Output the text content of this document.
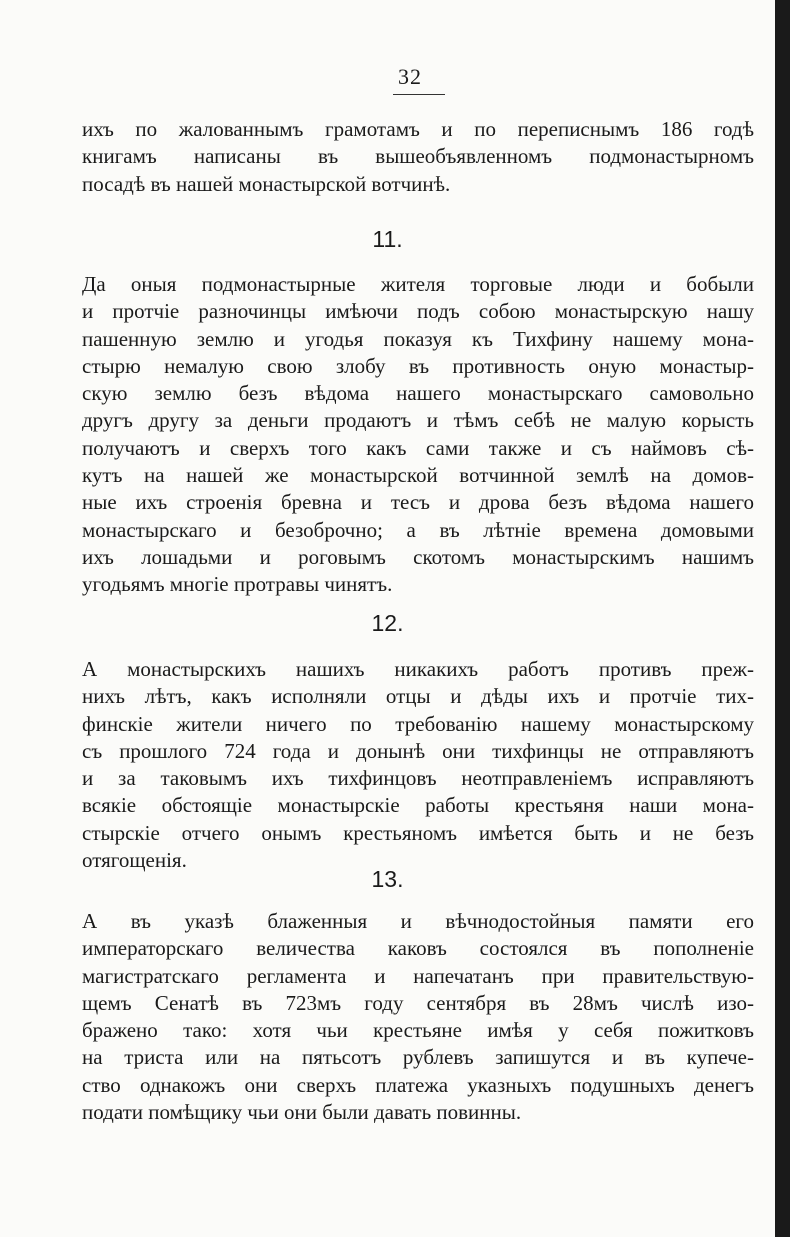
32
ихъ по жалованнымъ грамотамъ и по переписнымъ 186 годѣ
книгамъ написаны въ вышеобъявленномъ подмонастырномъ
посадѣ въ нашей монастырской вотчинѣ.
11.
Да оныя подмонастырные жителя торговые люди и бобыли
и протчіе разночинцы имѣючи подъ собою монастырскую нашу
пашенную землю и угодья показуя къ Тихфину нашему мона-
стырю немалую свою злобу въ противность оную монастыр-
скую землю безъ вѣдома нашего монастырскаго самовольно
другъ другу за деньги продаютъ и тѣмъ себѣ не малую корысть
получаютъ и сверхъ того какъ сами также и съ наймовъ сѣ-
кутъ на нашей же монастырской вотчинной землѣ на домов-
ные ихъ строенія бревна и тесъ и дрова безъ вѣдома нашего
монастырскаго и безоброчно; а въ лѣтніе времена домовыми
ихъ лошадьми и роговымъ скотомъ монастырскимъ нашимъ
угодьямъ многіе протравы чинятъ.
12.
А монастырскихъ нашихъ никакихъ работъ противъ преж-
нихъ лѣтъ, какъ исполняли отцы и дѣды ихъ и протчіе тих-
финскіе жители ничего по требованію нашему монастырскому
съ прошлого 724 года и донынѣ они тихфинцы не отправляютъ
и за таковымъ ихъ тихфинцовъ неотправленіемъ исправляютъ
всякіе обстоящіе монастырскіе работы крестьяня наши мона-
стырскіе отчего онымъ крестьяномъ имѣется быть и не безъ
отягощенія.
13.
А въ указѣ блаженныя и вѣчнодостойныя памяти его
императорскаго величества каковъ состоялся въ пополненіе
магистратскаго регламента и напечатанъ при правительствую-
щемъ Сенатѣ въ 723мъ году сентября въ 28мъ числѣ изо-
бражено тако: хотя чьи крестьяне имѣя у себя пожитковъ
на триста или на пятьсотъ рублевъ запишутся и въ купече-
ство однакожъ они сверхъ платежа указныхъ подушныхъ денегъ
подати помѣщику чьи они были давать повинны.
